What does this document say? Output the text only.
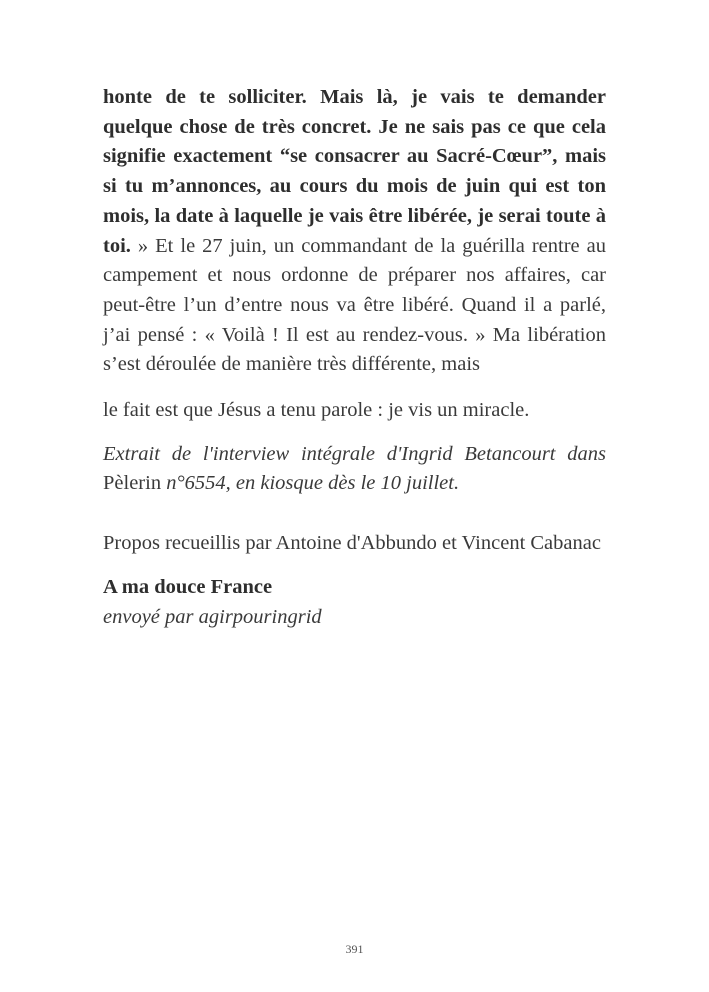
honte de te solliciter. Mais là, je vais te demander quelque chose de très concret. Je ne sais pas ce que cela signifie exactement “se consacrer au Sacré-Cœur”, mais si tu m’annonces, au cours du mois de juin qui est ton mois, la date à laquelle je vais être libérée, je serai toute à toi. » Et le 27 juin, un commandant de la guérilla rentre au campement et nous ordonne de préparer nos affaires, car peut-être l’un d’entre nous va être libéré. Quand il a parlé, j’ai pensé : « Voilà ! Il est au rendez-vous. » Ma libération s’est déroulée de manière très différente, mais

le fait est que Jésus a tenu parole : je vis un miracle.

Extrait de l'interview intégrale d'Ingrid Betancourt dans Pèlerin n°6554, en kiosque dès le 10 juillet.

Propos recueillis par Antoine d'Abbundo et Vincent Cabanac

A ma douce France

envoyé par agirpouringrid

391
